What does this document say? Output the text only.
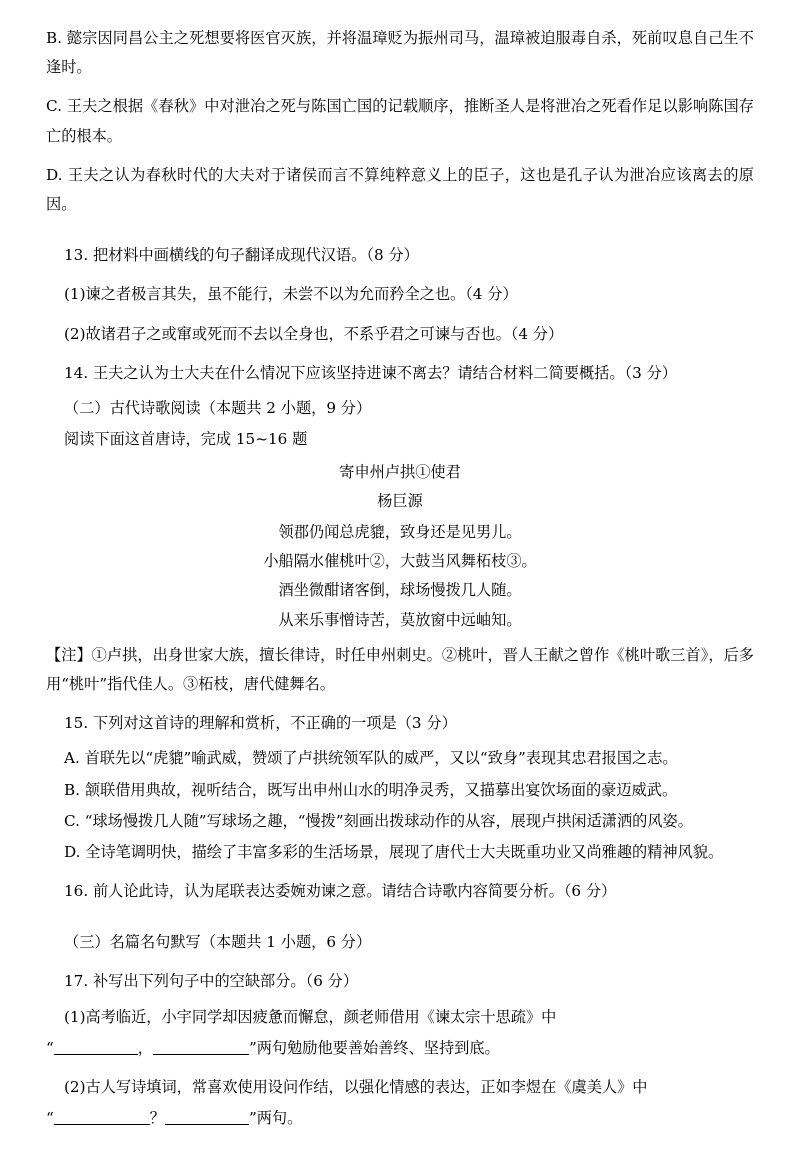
B. 懿宗因同昌公主之死想要将医官灭族，并将温璋贬为振州司马，温璋被迫服毒自杀，死前叹息自己生不逢时。

C. 王夫之根据《春秋》中对泄冶之死与陈国亡国的记载顺序，推断圣人是将泄冶之死看作足以影响陈国存亡的根本。

D. 王夫之认为春秋时代的大夫对于诸侯而言不算纯粹意义上的臣子，这也是孔子认为泄冶应该离去的原因。

13. 把材料中画横线的句子翻译成现代汉语。（8 分）

(1)谏之者极言其失，虽不能行，未尝不以为允而矜全之也。（4 分）

(2)故诸君子之或窜或死而不去以全身也，不系乎君之可谏与否也。（4 分）

14. 王夫之认为士大夫在什么情况下应该坚持进谏不离去？请结合材料二简要概括。（3 分）

（二）古代诗歌阅读（本题共 2 小题，9 分）

阅读下面这首唐诗，完成 15~16 题

寄申州卢拱①使君

杨巨源

领郡仍闻总虎貔，致身还是见男儿。

小船隔水催桃叶②，大鼓当风舞柘枝③。

酒坐微酣诸客倒，球场慢拨几人随。

从来乐事憎诗苦，莫放窗中远岫知。

【注】①卢拱，出身世家大族，擅长律诗，时任申州刺史。②桃叶，晋人王献之曾作《桃叶歌三首》，后多用“桃叶”指代佳人。③柘枝，唐代健舞名。

15. 下列对这首诗的理解和赏析，不正确的一项是（3 分）

A. 首联先以“虎貔”喻武威，赞颂了卢拱统领军队的威严，又以“致身”表现其忠君报国之志。

B. 颔联借用典故，视听结合，既写出申州山水的明净灵秀，又描摹出宴饮场面的豪迈威武。

C. “球场慢拨几人随”写球场之趣，“慢拨”刻画出拨球动作的从容，展现卢拱闲适潇洒的风姿。

D. 全诗笔调明快，描绘了丰富多彩的生活场景，展现了唐代士大夫既重功业又尚雅趣的精神风貌。

16. 前人论此诗，认为尾联表达委婉劝谏之意。请结合诗歌内容简要分析。（6 分）

（三）名篇名句默写（本题共 1 小题，6 分）

17. 补写出下列句子中的空缺部分。（6 分）

(1)高考临近，小宇同学却因疲惫而懈怠，颜老师借用《谏太宗十思疏》中

“	，	”两句勉励他要善始善终、坚持到底。

(2)古人写诗填词，常喜欢使用设问作结，以强化情感的表达，正如李煜在《虞美人》中

“	？	”两句。
